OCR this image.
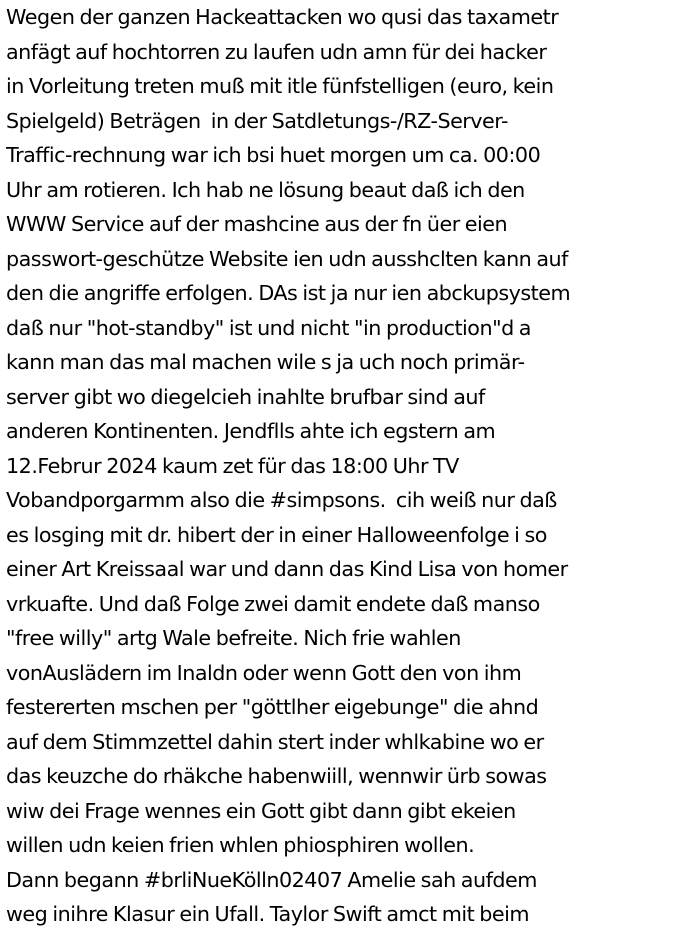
Wegen der ganzen Hackeattacken wo qusi das taxametr
anfägt auf hochtorren zu laufen udn amn für dei hacker
in Vorleitung treten muß mit itle fünfstelligen (euro, kein
Spielgeld) Beträgen  in der Satdletungs-/RZ-Server-
Traffic-rechnung war ich bsi huet morgen um ca. 00:00
Uhr am rotieren. Ich hab ne lösung beaut daß ich den
WWW Service auf der mashcine aus der fn üer eien
passwort-geschütze Website ien udn ausshclten kann auf
den die angriffe erfolgen. DAs ist ja nur ien abckupsystem
daß nur "hot-standby" ist und nicht "in production"d a
kann man das mal machen wile s ja uch noch primär-
server gibt wo diegelcieh inahlte brufbar sind auf
anderen Kontinenten. Jendflls ahte ich egstern am
12.Februr 2024 kaum zet für das 18:00 Uhr TV
Vobandporgarmm also die #simpsons.  cih weiß nur daß
es losging mit dr. hibert der in einer Halloweenfolge i so
einer Art Kreissaal war und dann das Kind Lisa von homer
vrkuafte. Und daß Folge zwei damit endete daß manso
"free willy" artg Wale befreite. Nich frie wahlen
vonAuslädern im Inaldn oder wenn Gott den von ihm
festererten mschen per "göttlher eigebunge" die ahnd
auf dem Stimmzettel dahin stert inder whlkabine wo er
das keuzche do rhäkche habenwiill, wennwir ürb sowas
wiw dei Frage wennes ein Gott gibt dann gibt ekeien
willen udn keien frien whlen phiosphiren wollen.
Dann begann #brliNueKölln02407 Amelie sah aufdem
weg inihre Klasur ein Ufall. Taylor Swift amct mit beim
